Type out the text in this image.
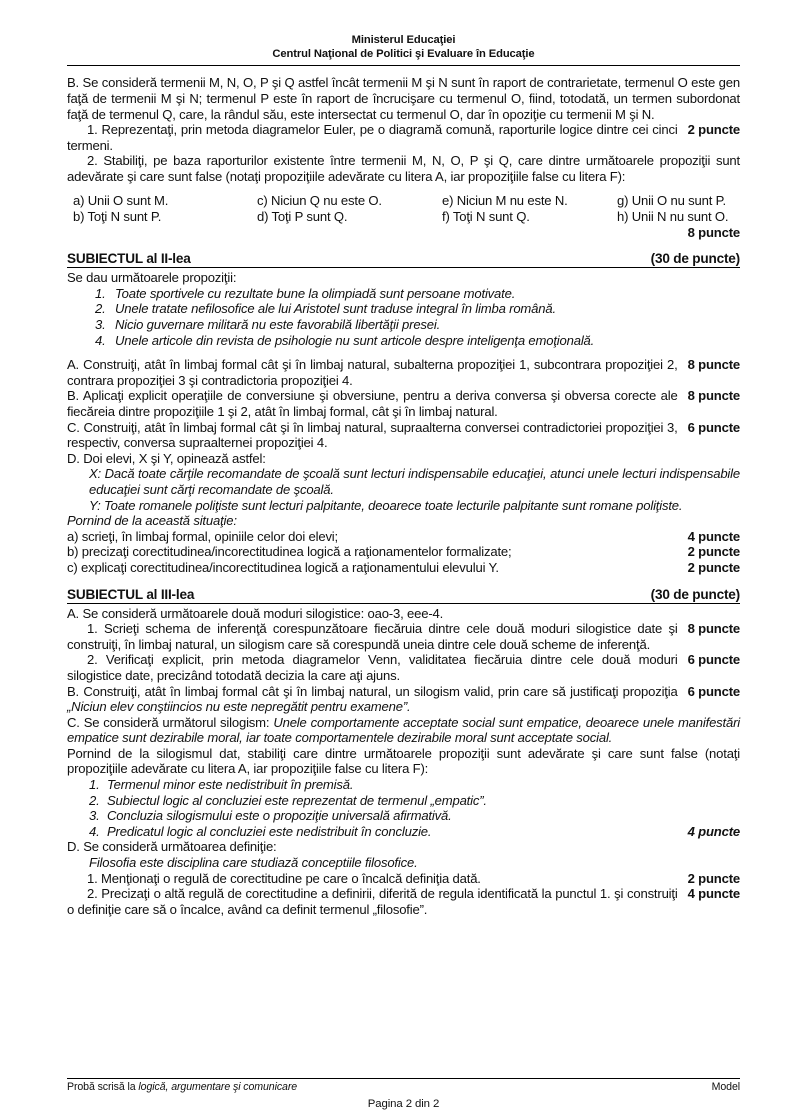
Ministerul Educaţiei
Centrul Naţional de Politici şi Evaluare în Educaţie

B. Se consideră termenii M, N, O, P şi Q astfel încât termenii M şi N sunt în raport de contrarietate, termenul O este gen faţă de termenii M şi N; termenul P este în raport de încrucişare cu termenul O, fiind, totodată, un termen subordonat faţă de termenul Q, care, la rândul său, este intersectat cu termenul O, dar în opoziţie cu termenii M şi N.

2 puncte

1. Reprezentaţi, prin metoda diagramelor Euler, pe o diagramă comună, raporturile logice dintre cei cinci termeni.

2. Stabiliţi, pe baza raporturilor existente între termenii M, N, O, P şi Q, care dintre următoarele propoziţii sunt adevărate şi care sunt false (notaţi propoziţiile adevărate cu litera A, iar propoziţiile false cu litera F):

a) Unii O sunt M.	c) Niciun Q nu este O.	e) Niciun M nu este N.	g) Unii O nu sunt P.
b) Toţi N sunt P.	d) Toţi P sunt Q.	f) Toţi N sunt Q.	h) Unii N nu sunt O.

8 puncte

SUBIECTUL al II-lea	(30 de puncte)

Se dau următoarele propoziţii:

1. Toate sportivele cu rezultate bune la olimpiadă sunt persoane motivate.
2. Unele tratate nefilosofice ale lui Aristotel sunt traduse integral în limba română.
3. Nicio guvernare militară nu este favorabilă libertăţii presei.
4. Unele articole din revista de psihologie nu sunt articole despre inteligenţa emoţională.
8 puncte

A. Construiţi, atât în limbaj formal cât şi în limbaj natural, subalterna propoziţiei 1, subcontrara propoziţiei 2, contrara propoziţiei 3 şi contradictoria propoziţiei 4.

8 puncte

B. Aplicaţi explicit operaţiile de conversiune şi obversiune, pentru a deriva conversa şi obversa corecte ale fiecăreia dintre propoziţiile 1 şi 2, atât în limbaj formal, cât şi în limbaj natural.

6 puncte

C. Construiţi, atât în limbaj formal cât şi în limbaj natural, supraalterna conversei contradictoriei propoziţiei 3, respectiv, conversa supraalternei propoziţiei 4.

D. Doi elevi, X şi Y, opinează astfel:

X: Dacă toate cărţile recomandate de şcoală sunt lecturi indispensabile educaţiei, atunci unele lecturi indispensabile educaţiei sunt cărţi recomandate de şcoală.

Y: Toate romanele poliţiste sunt lecturi palpitante, deoarece toate lecturile palpitante sunt romane poliţiste.

Pornind de la această situaţie:

a) scrieţi, în limbaj formal, opiniile celor doi elevi;	4 puncte
b) precizaţi corectitudinea/incorectitudinea logică a raţionamentelor formalizate;	2 puncte
c) explicaţi corectitudinea/incorectitudinea logică a raţionamentului elevului Y.	2 puncte
SUBIECTUL al III-lea	(30 de puncte)

A. Se consideră următoarele două moduri silogistice: oao-3, eee-4.

8 puncte

1. Scrieţi schema de inferenţă corespunzătoare fiecăruia dintre cele două moduri silogistice date şi construiţi, în limbaj natural, un silogism care să corespundă uneia dintre cele două scheme de inferenţă.

6 puncte

2. Verificaţi explicit, prin metoda diagramelor Venn, validitatea fiecăruia dintre cele două moduri silogistice date, precizând totodată decizia la care aţi ajuns.

6 puncte

B. Construiţi, atât în limbaj formal cât şi în limbaj natural, un silogism valid, prin care să justificaţi propoziţia „Niciun elev conştiincios nu este nepregătit pentru examene”.

C. Se consideră următorul silogism: Unele comportamente acceptate social sunt empatice, deoarece unele manifestări empatice sunt dezirabile moral, iar toate comportamentele dezirabile moral sunt acceptate social.

Pornind de la silogismul dat, stabiliţi care dintre următoarele propoziţii sunt adevărate şi care sunt false (notaţi propoziţiile adevărate cu litera A, iar propoziţiile false cu litera F):

1. Termenul minor este nedistribuit în premisă.
2. Subiectul logic al concluziei este reprezentat de termenul „empatic”.
3. Concluzia silogismului este o propoziţie universală afirmativă.
4 puncte
4. Predicatul logic al concluziei este nedistribuit în concluzie.

D. Se consideră următoarea definiţie:

Filosofia este disciplina care studiază conceptiile filosofice.

1. Menţionaţi o regulă de corectitudine pe care o încalcă definiţia dată.	2 puncte
4 puncte

2. Precizaţi o altă regulă de corectitudine a definirii, diferită de regula identificată la punctul 1. şi construiţi o definiţie care să o încalce, având ca definit termenul „filosofie”.

Probă scrisă la logică, argumentare şi comunicare	Model
Pagina 2 din 2
